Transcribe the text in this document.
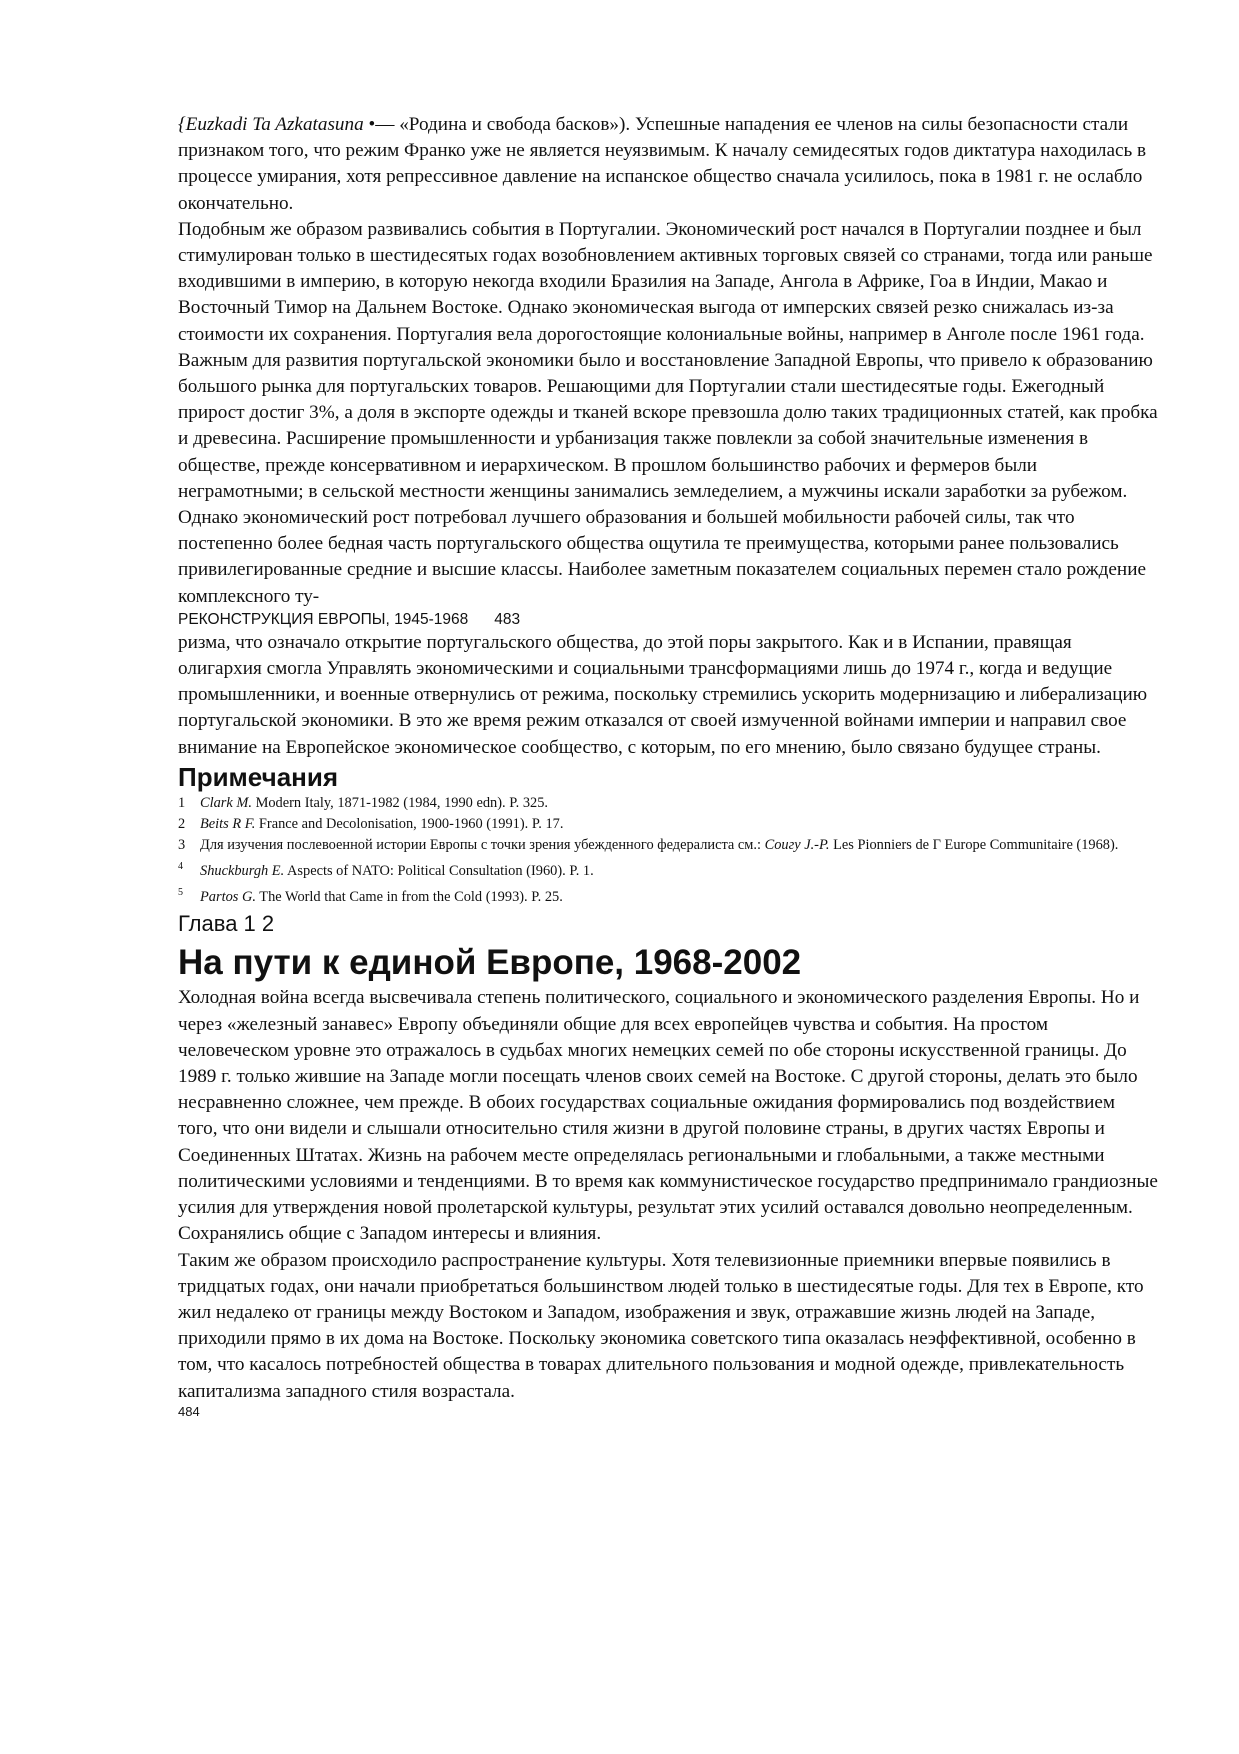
{Euzkadi Ta Azkatasuna •— «Родина и свобода басков»). Успешные нападения ее членов на силы безопасности стали признаком того, что режим Франко уже не является неуязвимым. К началу семидесятых годов диктатура находилась в процессе умирания, хотя репрессивное давление на испанское общество сначала усилилось, пока в 1981 г. не ослабло окончательно.

Подобным же образом развивались события в Португалии. Экономический рост начался в Португалии позднее и был стимулирован только в шестидесятых годах возобновлением активных торговых связей со странами, тогда или раньше входившими в империю, в которую некогда входили Бразилия на Западе, Ангола в Африке, Гоа в Индии, Макао и Восточный Тимор на Дальнем Востоке. Однако экономическая выгода от имперских связей резко снижалась из-за стоимости их сохранения. Португалия вела дорогостоящие колониальные войны, например в Анголе после 1961 года. Важным для развития португальской экономики было и восстановление Западной Европы, что привело к образованию большого рынка для португальских товаров. Решающими для Португалии стали шестидесятые годы. Ежегодный прирост достиг 3%, а доля в экспорте одежды и тканей вскоре превзошла долю таких традиционных статей, как пробка и древесина. Расширение промышленности и урбанизация также повлекли за собой значительные изменения в обществе, прежде консервативном и иерархическом. В прошлом большинство рабочих и фермеров были неграмотными; в сельской местности женщины занимались земледелием, а мужчины искали заработки за рубежом. Однако экономический рост потребовал лучшего образования и большей мобильности рабочей силы, так что постепенно более бедная часть португальского общества ощутила те преимущества, которыми ранее пользовались привилегированные средние и высшие классы. Наиболее заметным показателем социальных перемен стало рождение комплексного ту-

РЕКОНСТРУКЦИЯ ЕВРОПЫ, 1945-1968 483

ризма, что означало открытие португальского общества, до этой поры закрытого. Как и в Испании, правящая олигархия смогла Управлять экономическими и социальными трансформациями лишь до 1974 г., когда и ведущие промышленники, и военные отвернулись от режима, поскольку стремились ускорить модернизацию и либерализацию португальской экономики. В это же время режим отказался от своей измученной войнами империи и направил свое внимание на Европейское экономическое сообщество, с которым, по его мнению, было связано будущее страны.

Примечания
1 Clark M. Modern Italy, 1871-1982 (1984, 1990 edn). P. 325.
2 Beits R F. France and Decolonisation, 1900-1960 (1991). P. 17.
3 Для изучения послевоенной истории Европы с точки зрения убежденного федералиста см.: Couгу J.-P. Les Pionniers de Г Europe Communitaire (1968).
4 Shuckburgh E. Aspects of NATO: Political Consultation (I960). P. 1.
5 Partos G. The World that Came in from the Cold (1993). P. 25.

Глава 1 2

На пути к единой Европе, 1968-2002

Холодная война всегда высвечивала степень политического, социального и экономического разделения Европы. Но и через «железный занавес» Европу объединяли общие для всех европейцев чувства и события. На простом человеческом уровне это отражалось в судьбах многих немецких семей по обе стороны искусственной границы. До 1989 г. только жившие на Западе могли посещать членов своих семей на Востоке. С другой стороны, делать это было несравненно сложнее, чем прежде. В обоих государствах социальные ожидания формировались под воздействием того, что они видели и слышали относительно стиля жизни в другой половине страны, в других частях Европы и Соединенных Штатах. Жизнь на рабочем месте определялась региональными и глобальными, а также местными политическими условиями и тенденциями. В то время как коммунистическое государство предпринимало грандиозные усилия для утверждения новой пролетарской культуры, результат этих усилий оставался довольно неопределенным. Сохранялись общие с Западом интересы и влияния.

Таким же образом происходило распространение культуры. Хотя телевизионные приемники впервые появились в тридцатых годах, они начали приобретаться большинством людей только в шестидесятые годы. Для тех в Европе, кто жил недалеко от границы между Востоком и Западом, изображения и звук, отражавшие жизнь людей на Западе, приходили прямо в их дома на Востоке. Поскольку экономика советского типа оказалась неэффективной, особенно в том, что касалось потребностей общества в товарах длительного пользования и модной одежде, привлекательность капитализма западного стиля возрастала.

484
